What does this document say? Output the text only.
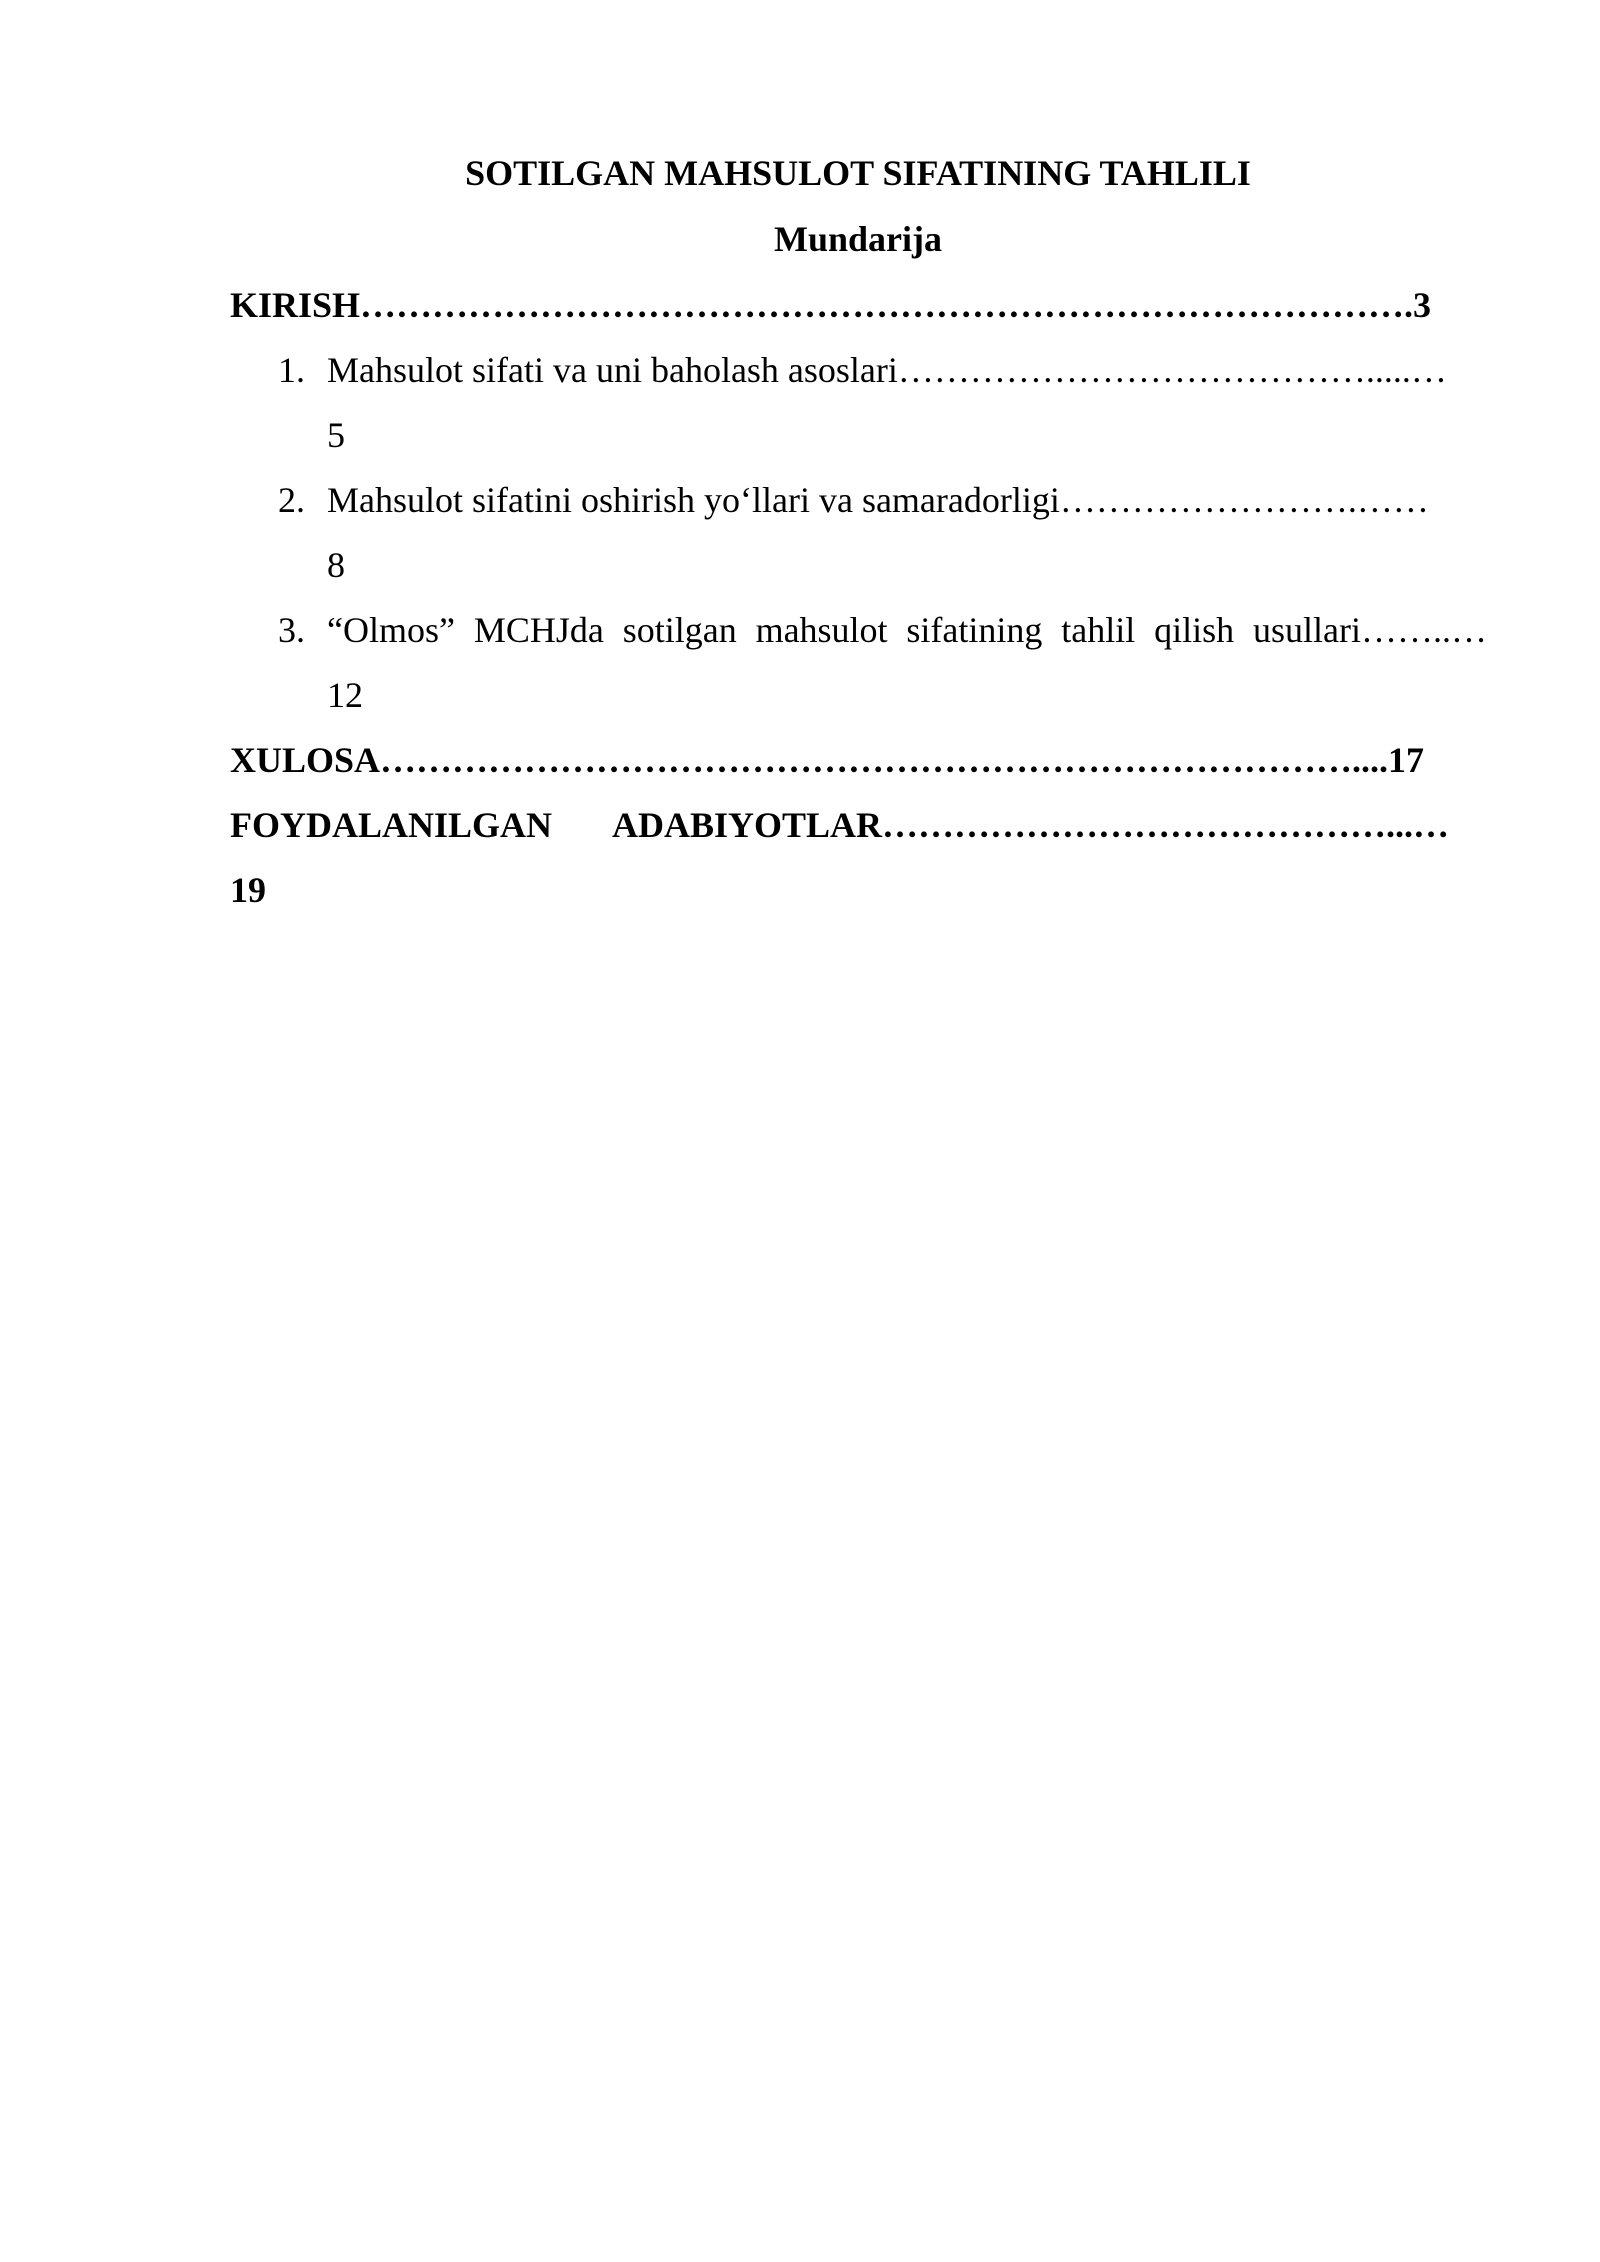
SOTILGAN MAHSULOT SIFATINING TAHLILI
Mundarija
KIRISH…………………………………………………………………………….3
1. Mahsulot sifati va uni baholash asoslari………………………………….....…
5
2. Mahsulot sifatini oshirish yo‘llari va samaradorligi…………………….……
8
3. “Olmos” MCHJda sotilgan mahsulot sifatining tahlil qilish usullari……..…
12
XULOSA………………………………………………………………………....17
FOYDALANILGAN ADABIYOTLAR……………………………………...…
19
